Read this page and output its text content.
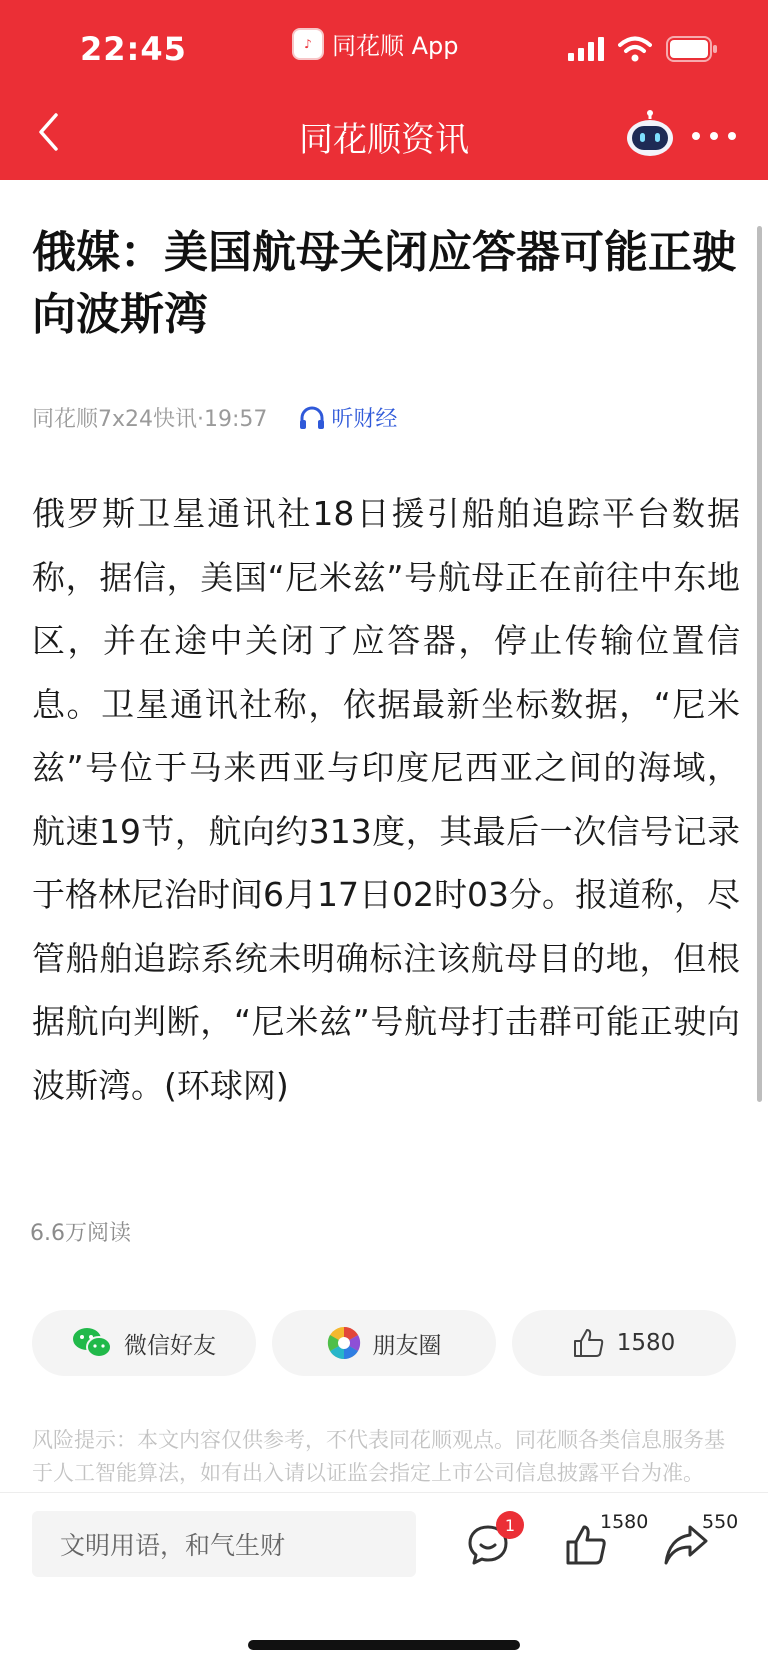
22:45	♪ 同花顺 App
同花顺资讯
俄媒：美国航母关闭应答器可能正驶向波斯湾
同花顺7x24快讯·19:57	听财经
俄罗斯卫星通讯社18日援引船舶追踪平台数据称，据信，美国“尼米兹”号航母正在前往中东地区，并在途中关闭了应答器，停止传输位置信息。卫星通讯社称，依据最新坐标数据，“尼米兹”号位于马来西亚与印度尼西亚之间的海域，航速19节，航向约313度，其最后一次信号记录于格林尼治时间6月17日02时03分。报道称，尽管船舶追踪系统未明确标注该航母目的地，但根据航向判断，“尼米兹”号航母打击群可能正驶向波斯湾。(环球网)
6.6万阅读
微信好友	朋友圈	1580
风险提示：本文内容仅供参考，不代表同花顺观点。同花顺各类信息服务基于人工智能算法，如有出入请以证监会指定上市公司信息披露平台为准。
文明用语，和气生财
1	1580	550
